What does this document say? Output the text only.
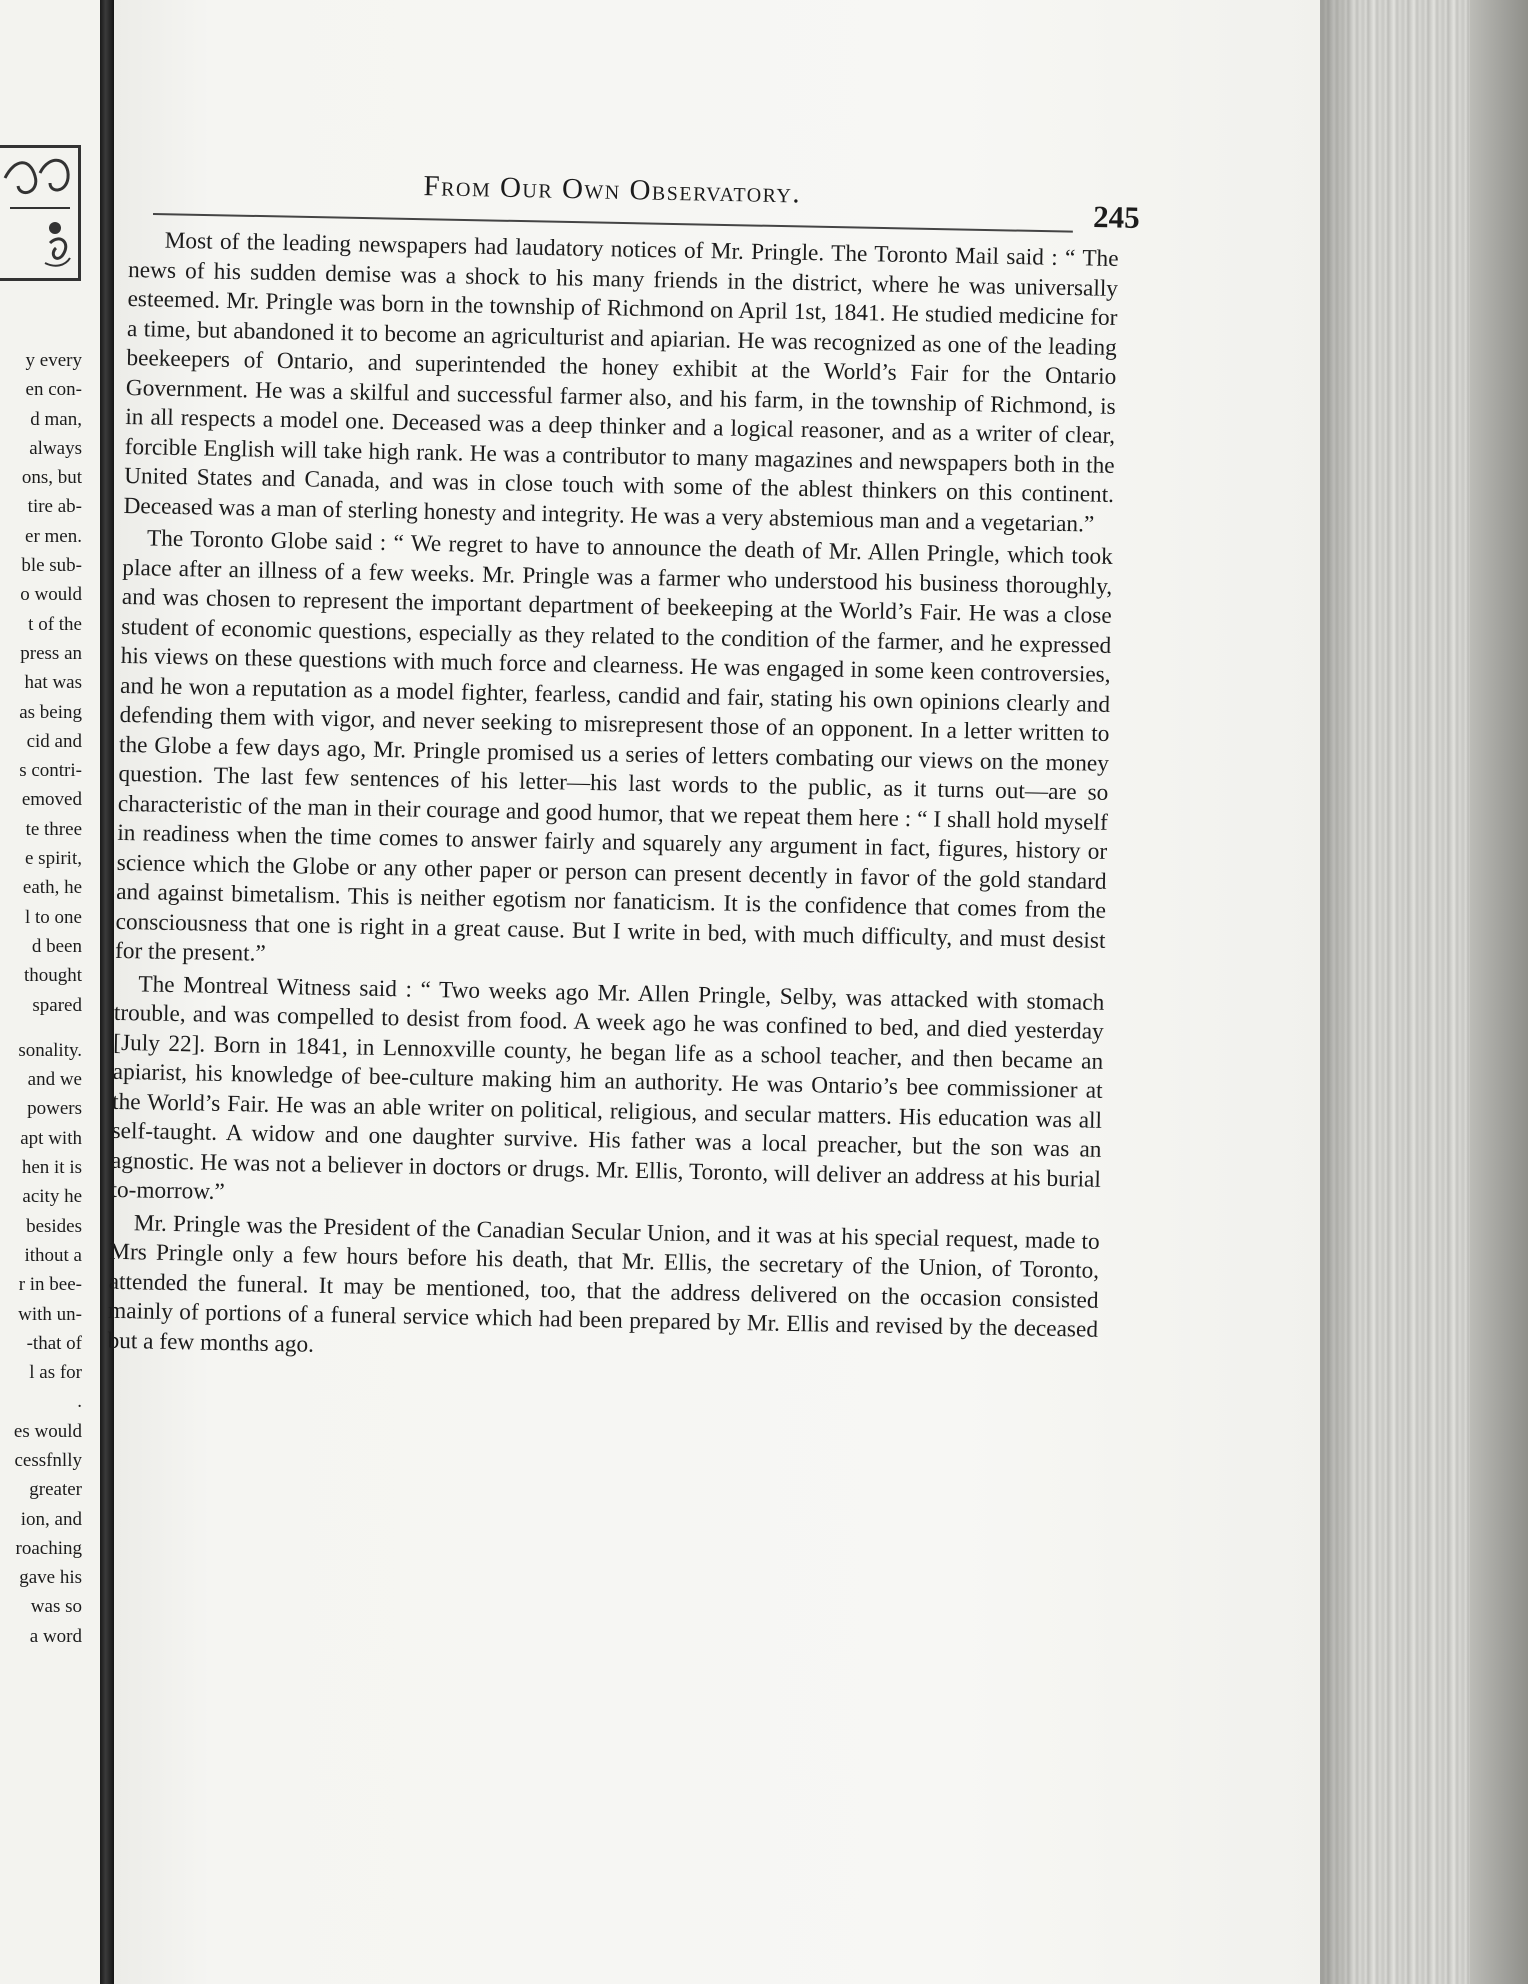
y every
en con-
d man,
always
ons, but
tire ab-
er men.
ble sub-
o would
t of the
press an
hat was
as being
cid and
s contri-
emoved
te three
e spirit,
eath, he
l to one
d been
thought
spared
sonality.
and we
powers
apt with
hen it is
acity he
besides
ithout a
r in bee-
with un-
-that of
l as for
.
es would
cessfnlly
greater
ion, and
roaching
gave his
was so
a word
From Our Own Observatory.
245

Most of the leading newspapers had laudatory notices of Mr. Pringle. The Toronto Mail said : “ The news of his sudden demise was a shock to his many friends in the district, where he was universally esteemed. Mr. Pringle was born in the township of Richmond on April 1st, 1841. He studied medicine for a time, but abandoned it to become an agriculturist and apiarian. He was recognized as one of the leading beekeepers of Ontario, and superintended the honey exhibit at the World’s Fair for the Ontario Government. He was a skilful and successful farmer also, and his farm, in the township of Richmond, is in all respects a model one. Deceased was a deep thinker and a logical reasoner, and as a writer of clear, forcible English will take high rank. He was a contributor to many magazines and newspapers both in the United States and Canada, and was in close touch with some of the ablest thinkers on this continent. Deceased was a man of sterling honesty and integrity. He was a very abstemious man and a vegetarian.”

The Toronto Globe said : “ We regret to have to announce the death of Mr. Allen Pringle, which took place after an illness of a few weeks. Mr. Pringle was a farmer who understood his business thoroughly, and was chosen to represent the important department of beekeeping at the World’s Fair. He was a close student of economic questions, especially as they related to the condition of the farmer, and he expressed his views on these questions with much force and clearness. He was engaged in some keen controversies, and he won a reputation as a model fighter, fearless, candid and fair, stating his own opinions clearly and defending them with vigor, and never seeking to misrepresent those of an opponent. In a letter written to the Globe a few days ago, Mr. Pringle promised us a series of letters combating our views on the money question. The last few sentences of his letter—his last words to the public, as it turns out—are so characteristic of the man in their courage and good humor, that we repeat them here : “ I shall hold myself in readiness when the time comes to answer fairly and squarely any argument in fact, figures, history or science which the Globe or any other paper or person can present decently in favor of the gold standard and against bimetalism. This is neither egotism nor fanaticism. It is the confidence that comes from the consciousness that one is right in a great cause. But I write in bed, with much difficulty, and must desist for the present.”

The Montreal Witness said : “ Two weeks ago Mr. Allen Pringle, Selby, was attacked with stomach trouble, and was compelled to desist from food. A week ago he was confined to bed, and died yesterday [July 22]. Born in 1841, in Lennoxville county, he began life as a school teacher, and then became an apiarist, his knowledge of bee-culture making him an authority. He was Ontario’s bee commissioner at the World’s Fair. He was an able writer on political, religious, and secular matters. His education was all self-taught. A widow and one daughter survive. His father was a local preacher, but the son was an agnostic. He was not a believer in doctors or drugs. Mr. Ellis, Toronto, will deliver an address at his burial to-morrow.”

Mr. Pringle was the President of the Canadian Secular Union, and it was at his special request, made to Mrs Pringle only a few hours before his death, that Mr. Ellis, the secretary of the Union, of Toronto, attended the funeral. It may be mentioned, too, that the address delivered on the occasion consisted mainly of portions of a funeral service which had been prepared by Mr. Ellis and revised by the deceased but a few months ago.
